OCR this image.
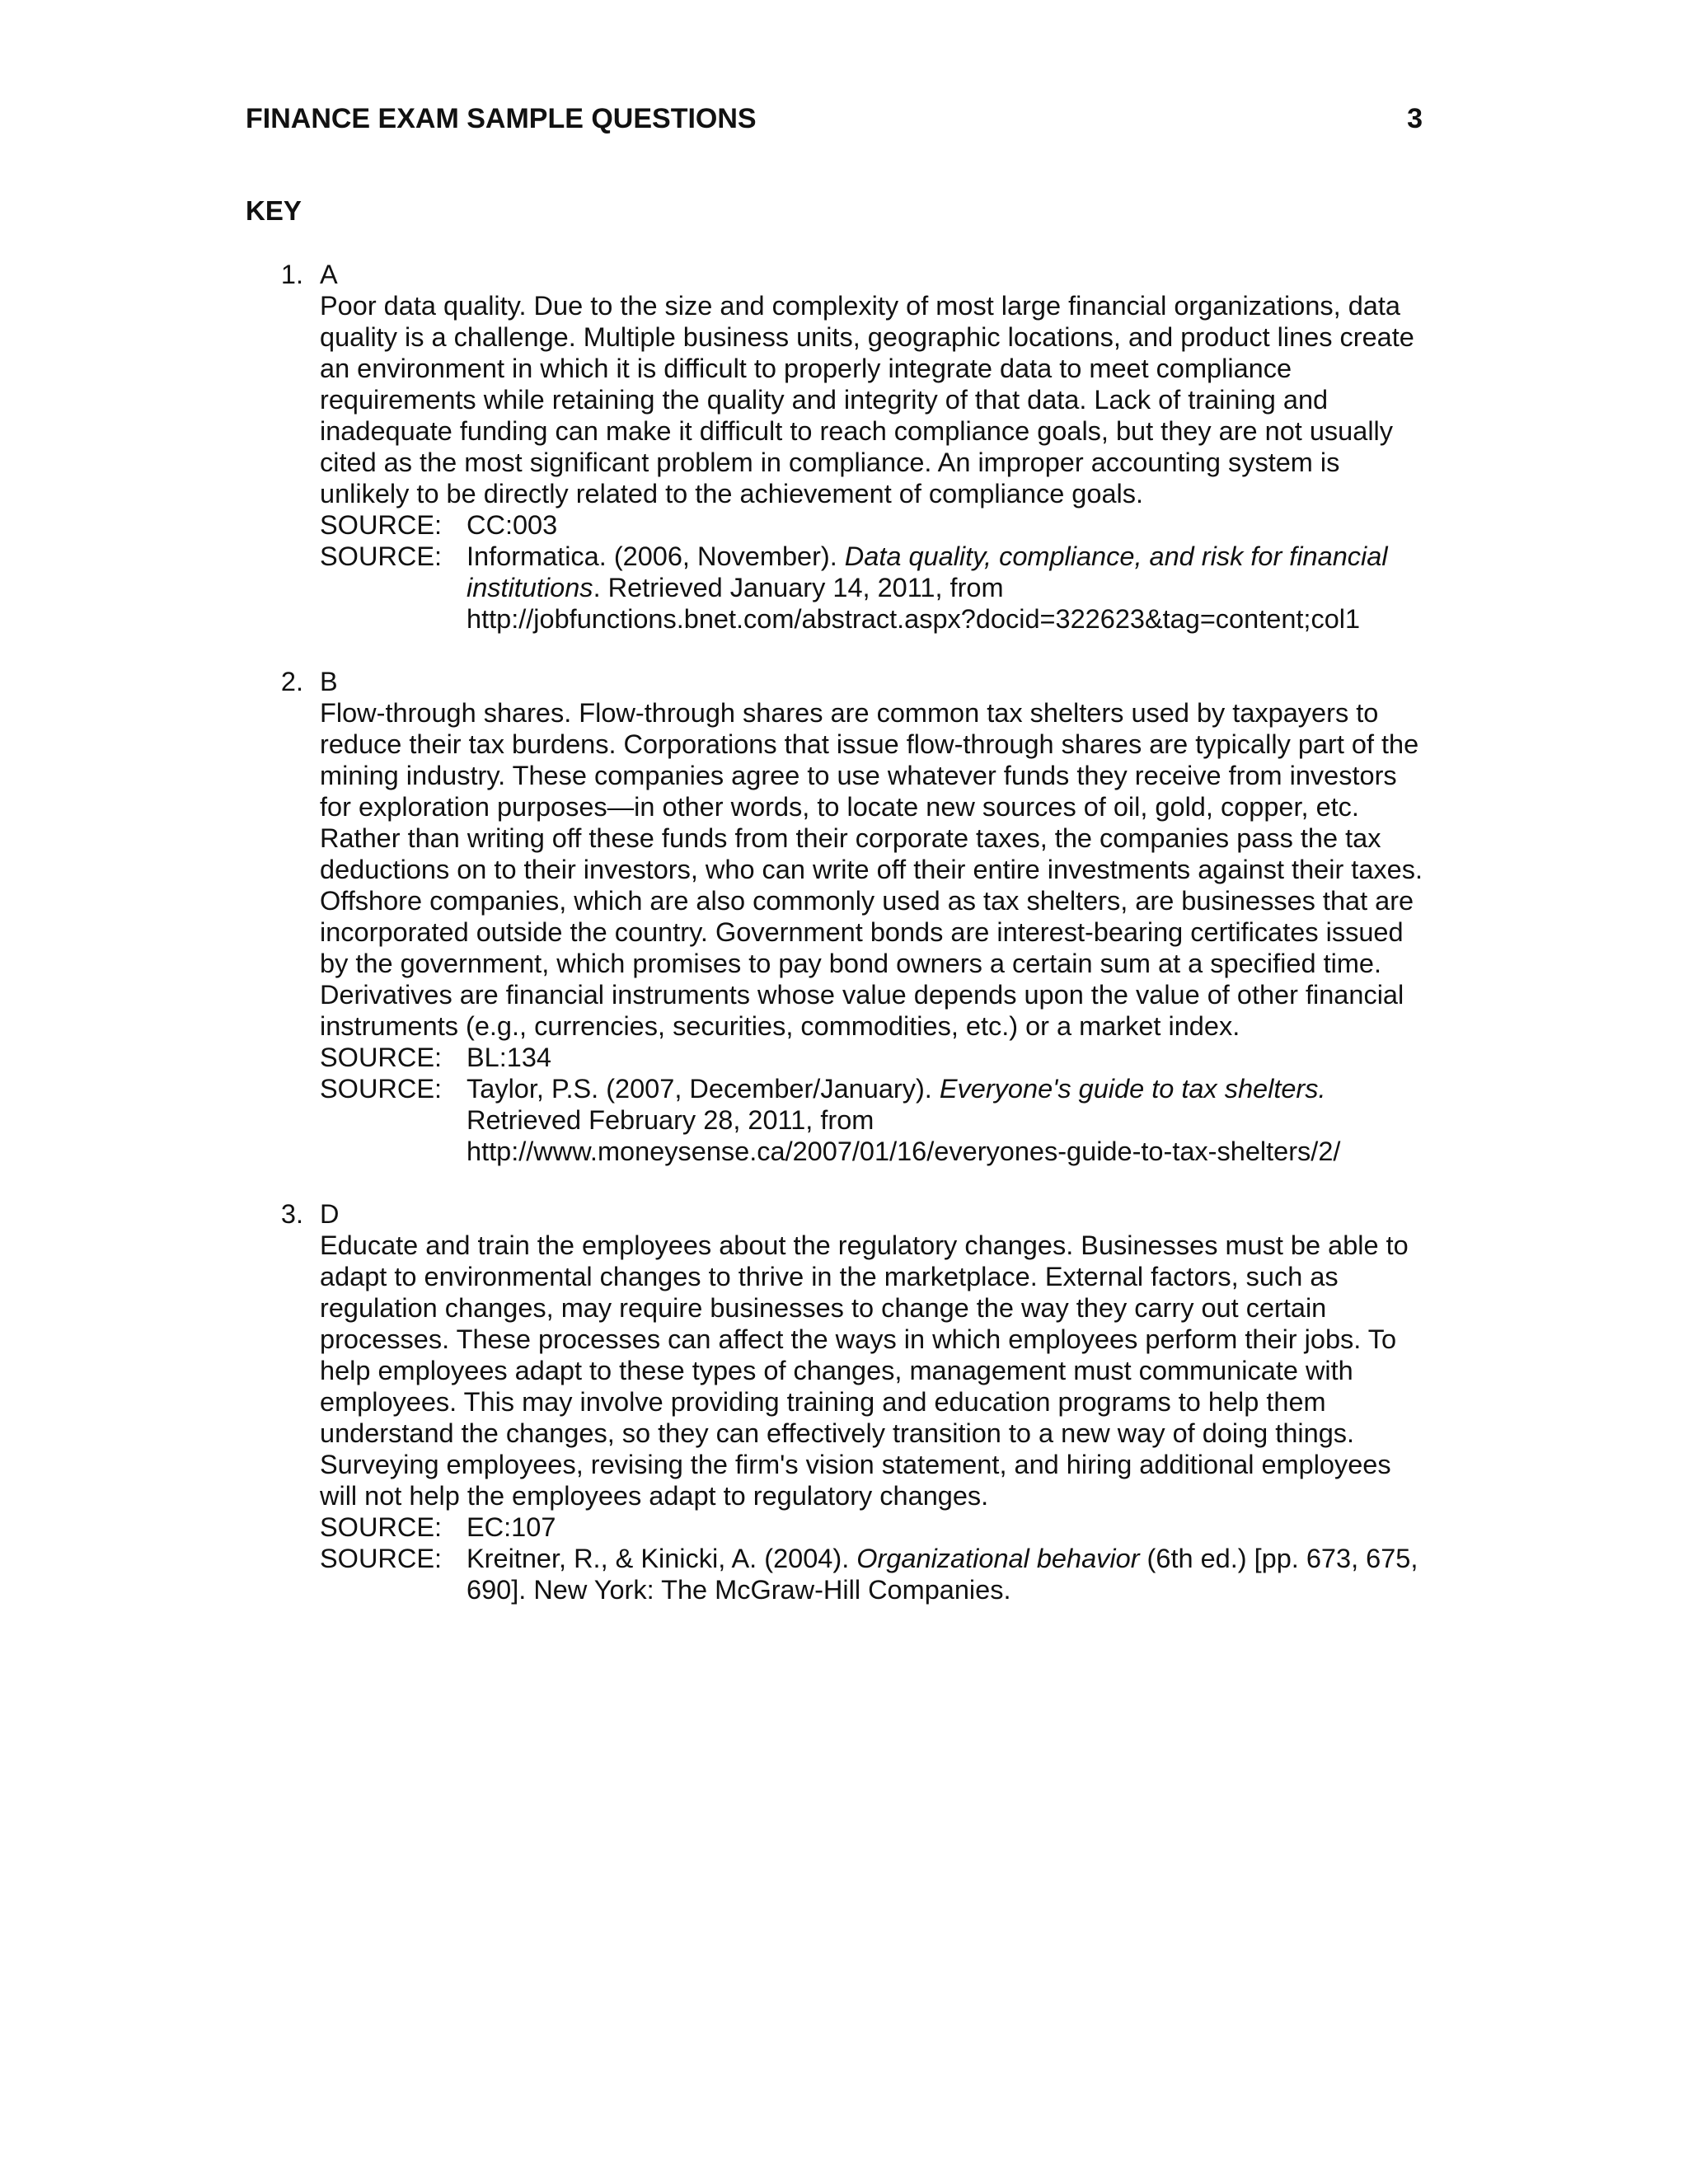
FINANCE EXAM SAMPLE QUESTIONS	3
KEY
1. A

Poor data quality. Due to the size and complexity of most large financial organizations, data quality is a challenge. Multiple business units, geographic locations, and product lines create an environment in which it is difficult to properly integrate data to meet compliance requirements while retaining the quality and integrity of that data. Lack of training and inadequate funding can make it difficult to reach compliance goals, but they are not usually cited as the most significant problem in compliance. An improper accounting system is unlikely to be directly related to the achievement of compliance goals.

SOURCE: CC:003
SOURCE: Informatica. (2006, November). Data quality, compliance, and risk for financial institutions. Retrieved January 14, 2011, from
http://jobfunctions.bnet.com/abstract.aspx?docid=322623&tag=content;col1
2. B

Flow-through shares. Flow-through shares are common tax shelters used by taxpayers to reduce their tax burdens. Corporations that issue flow-through shares are typically part of the mining industry. These companies agree to use whatever funds they receive from investors for exploration purposes—in other words, to locate new sources of oil, gold, copper, etc. Rather than writing off these funds from their corporate taxes, the companies pass the tax deductions on to their investors, who can write off their entire investments against their taxes. Offshore companies, which are also commonly used as tax shelters, are businesses that are incorporated outside the country. Government bonds are interest-bearing certificates issued by the government, which promises to pay bond owners a certain sum at a specified time. Derivatives are financial instruments whose value depends upon the value of other financial instruments (e.g., currencies, securities, commodities, etc.) or a market index.

SOURCE: BL:134
SOURCE: Taylor, P.S. (2007, December/January). Everyone's guide to tax shelters.
Retrieved February 28, 2011, from
http://www.moneysense.ca/2007/01/16/everyones-guide-to-tax-shelters/2/
3. D

Educate and train the employees about the regulatory changes. Businesses must be able to adapt to environmental changes to thrive in the marketplace. External factors, such as regulation changes, may require businesses to change the way they carry out certain processes. These processes can affect the ways in which employees perform their jobs. To help employees adapt to these types of changes, management must communicate with employees. This may involve providing training and education programs to help them understand the changes, so they can effectively transition to a new way of doing things. Surveying employees, revising the firm's vision statement, and hiring additional employees will not help the employees adapt to regulatory changes.

SOURCE: EC:107
SOURCE: Kreitner, R., & Kinicki, A. (2004). Organizational behavior (6th ed.) [pp. 673, 675, 690]. New York: The McGraw-Hill Companies.
